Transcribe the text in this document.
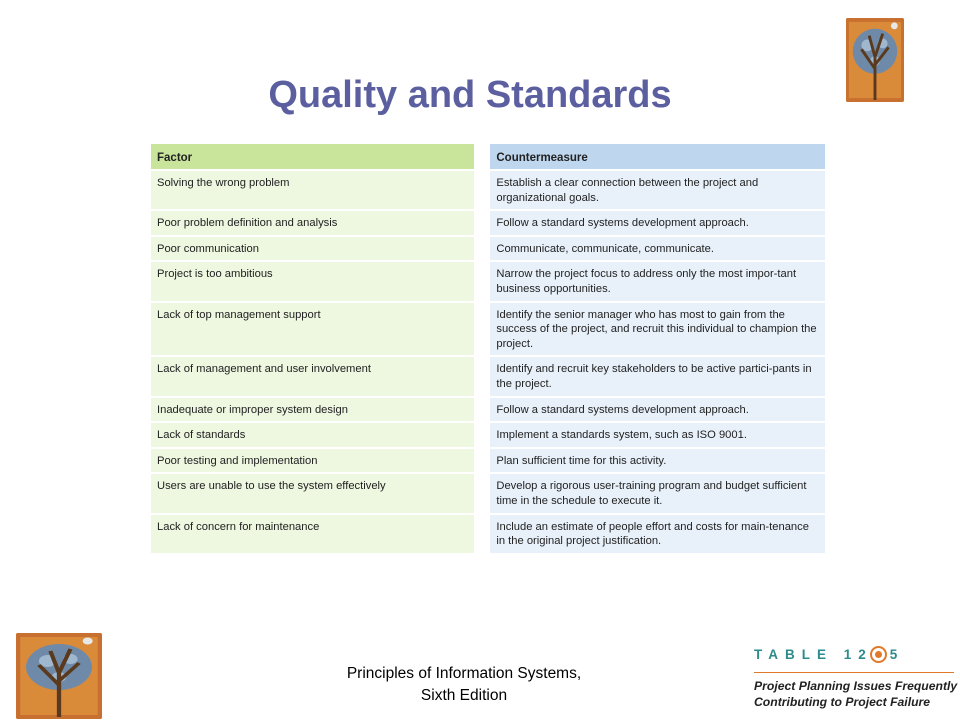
Quality and Standards
Factor		Countermeasure
Solving the wrong problem		Establish a clear connection between the project and organizational goals.
Poor problem definition and analysis		Follow a standard systems development approach.
Poor communication		Communicate, communicate, communicate.
Project is too ambitious		Narrow the project focus to address only the most impor-tant business opportunities.
Lack of top management support		Identify the senior manager who has most to gain from the success of the project, and recruit this individual to champion the project.
Lack of management and user involvement		Identify and recruit key stakeholders to be active partici-pants in the project.
Inadequate or improper system design		Follow a standard systems development approach.
Lack of standards		Implement a standards system, such as ISO 9001.
Poor testing and implementation		Plan sufficient time for this activity.
Users are unable to use the system effectively		Develop a rigorous user-training program and budget sufficient time in the schedule to execute it.
Lack of concern for maintenance		Include an estimate of people effort and costs for main-tenance in the original project justification.
Principles of Information Systems,
Sixth Edition
TABLE 12 5
Project Planning Issues Frequently
Contributing to Project Failure
